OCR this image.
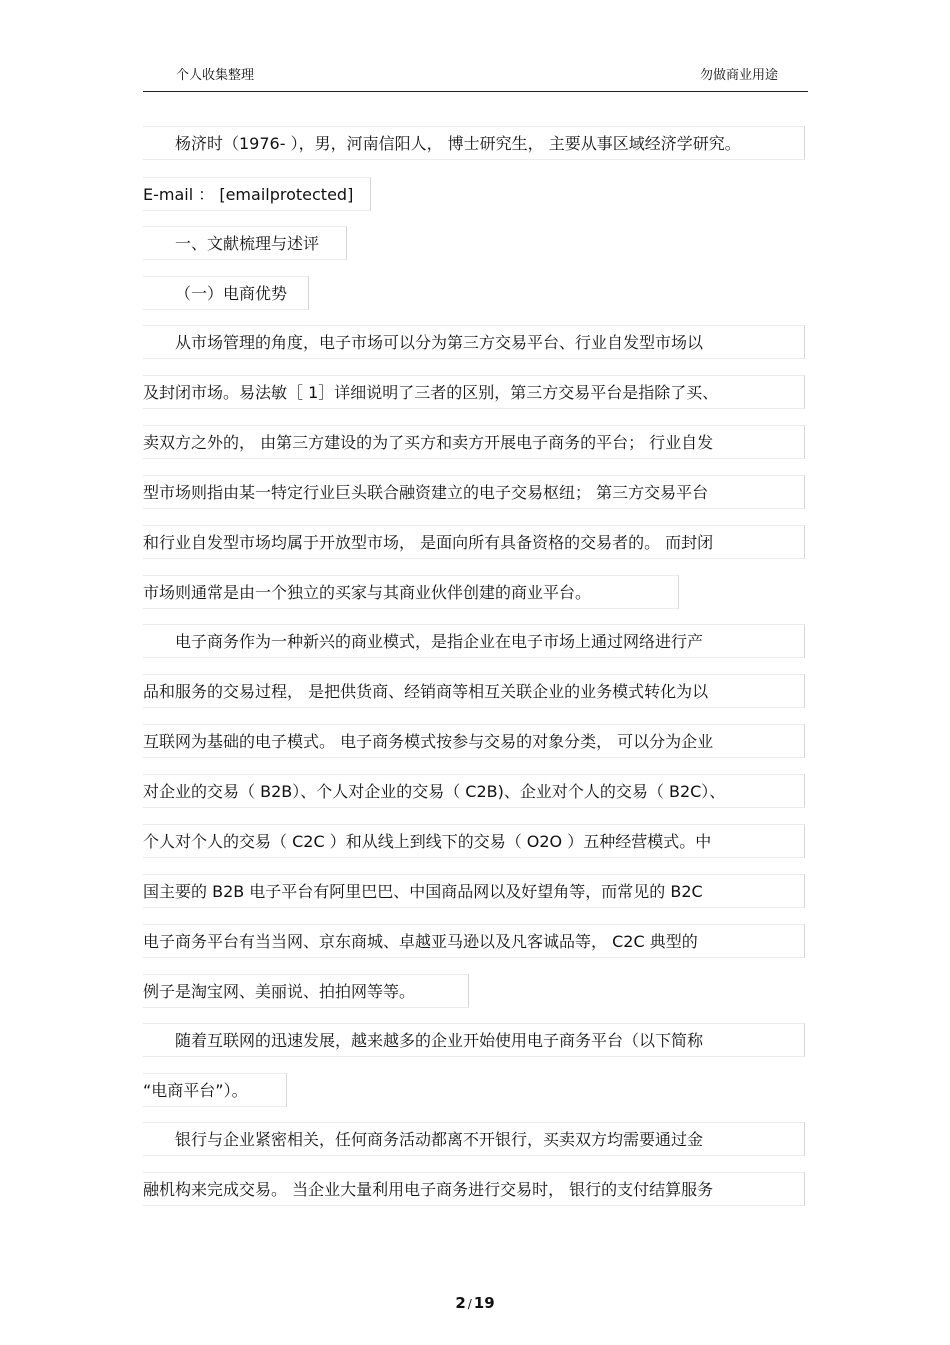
个人收集整理	勿做商业用途
杨济时（1976- ），男，河南信阳人， 博士研究生， 主要从事区域经济学研究。
E-mail ： [emailprotected]
一、文献梳理与述评
（一）电商优势
从市场管理的角度，电子市场可以分为第三方交易平台、行业自发型市场以
及封闭市场。易法敏［ 1］详细说明了三者的区别，第三方交易平台是指除了买、
卖双方之外的， 由第三方建设的为了买方和卖方开展电子商务的平台； 行业自发
型市场则指由某一特定行业巨头联合融资建立的电子交易枢纽； 第三方交易平台
和行业自发型市场均属于开放型市场， 是面向所有具备资格的交易者的。 而封闭
市场则通常是由一个独立的买家与其商业伙伴创建的商业平台。
电子商务作为一种新兴的商业模式，是指企业在电子市场上通过网络进行产
品和服务的交易过程， 是把供货商、经销商等相互关联企业的业务模式转化为以
互联网为基础的电子模式。 电子商务模式按参与交易的对象分类， 可以分为企业
对企业的交易（ B2B）、个人对企业的交易（ C2B)、企业对个人的交易（ B2C）、
个人对个人的交易（ C2C ）和从线上到线下的交易（ O2O ）五种经营模式。中
国主要的 B2B 电子平台有阿里巴巴、中国商品网以及好望角等，而常见的 B2C
电子商务平台有当当网、京东商城、卓越亚马逊以及凡客诚品等， C2C 典型的
例子是淘宝网、美丽说、拍拍网等等。
随着互联网的迅速发展，越来越多的企业开始使用电子商务平台（以下简称
“电商平台”）。
银行与企业紧密相关，任何商务活动都离不开银行，买卖双方均需要通过金
融机构来完成交易。 当企业大量利用电子商务进行交易时， 银行的支付结算服务
2 / 19
